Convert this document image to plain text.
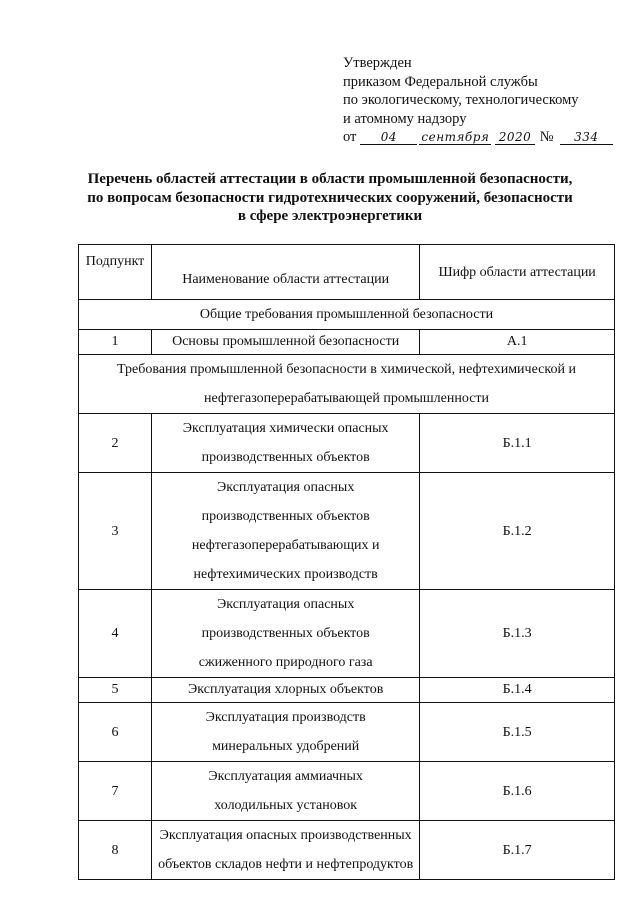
Утвержден
приказом Федеральной службы
по экологическому, технологическому
и атомному надзору
от	04	сентября 2020 №	334
Перечень областей аттестации в области промышленной безопасности,
по вопросам безопасности гидротехнических сооружений, безопасности
в сфере электроэнергетики
Подпункт	Наименование области аттестации	Шифр области аттестации
Общие требования промышленной безопасности		
1	Основы промышленной безопасности	А.1
Требования промышленной безопасности в химической, нефтехимической и нефтегазоперерабатывающей промышленности		
2	Эксплуатация химически опасных производственных объектов	Б.1.1
3	Эксплуатация опасных производственных объектов нефтегазоперерабатывающих и нефтехимических производств	Б.1.2
4	Эксплуатация опасных производственных объектов сжиженного природного газа	Б.1.3
5	Эксплуатация хлорных объектов	Б.1.4
6	Эксплуатация производств минеральных удобрений	Б.1.5
7	Эксплуатация аммиачных холодильных установок	Б.1.6
8	Эксплуатация опасных производственных объектов складов нефти и нефтепродуктов	Б.1.7
